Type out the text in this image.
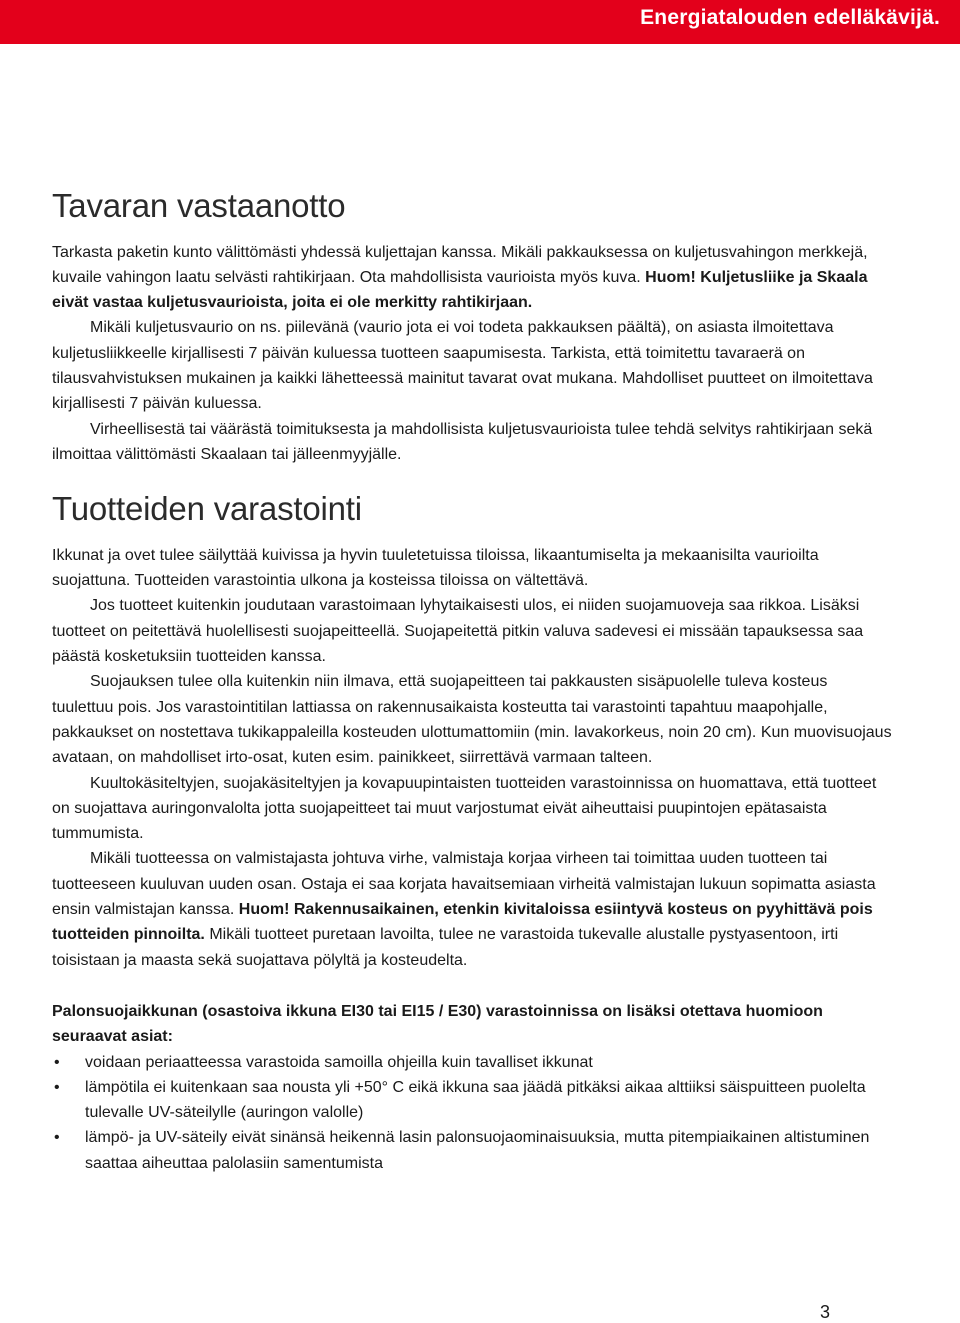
Energiatalouden edelläkävijä.
Tavaran vastaanotto

Tarkasta paketin kunto välittömästi yhdessä kuljettajan kanssa. Mikäli pakkauksessa on kuljetusvahingon merkkejä, kuvaile vahingon laatu selvästi rahtikirjaan. Ota mahdollisista vaurioista myös kuva. Huom! Kuljetusliike ja Skaala eivät vastaa kuljetusvaurioista, joita ei ole merkitty rahtikirjaan.

Mikäli kuljetusvaurio on ns. piilevänä (vaurio jota ei voi todeta pakkauksen päältä), on asiasta ilmoitettava kuljetusliikkeelle kirjallisesti 7 päivän kuluessa tuotteen saapumisesta. Tarkista, että toimitettu tavaraerä on tilausvahvistuksen mukainen ja kaikki lähetteessä mainitut tavarat ovat mukana. Mahdolliset puutteet on ilmoitettava kirjallisesti 7 päivän kuluessa.

Virheellisestä tai väärästä toimituksesta ja mahdollisista kuljetusvaurioista tulee tehdä selvitys rahtikirjaan sekä ilmoittaa välittömästi Skaalaan tai jälleenmyyjälle.

Tuotteiden varastointi

Ikkunat ja ovet tulee säilyttää kuivissa ja hyvin tuuletetuissa tiloissa, likaantumiselta ja mekaanisilta vaurioilta suojattuna. Tuotteiden varastointia ulkona ja kosteissa tiloissa on vältettävä.

Jos tuotteet kuitenkin joudutaan varastoimaan lyhytaikaisesti ulos, ei niiden suojamuoveja saa rikkoa. Lisäksi tuotteet on peitettävä huolellisesti suojapeitteellä. Suojapeitettä pitkin valuva sadevesi ei missään tapauksessa saa päästä kosketuksiin tuotteiden kanssa.

Suojauksen tulee olla kuitenkin niin ilmava, että suojapeitteen tai pakkausten sisäpuolelle tuleva kosteus tuulettuu pois. Jos varastointitilan lattiassa on rakennusaikaista kosteutta tai varastointi tapahtuu maapohjalle, pakkaukset on nostettava tukikappaleilla kosteuden ulottumattomiin (min. lavakorkeus, noin 20 cm). Kun muovisuojaus avataan, on mahdolliset irto-osat, kuten esim. painikkeet, siirrettävä varmaan talteen.

Kuultokäsiteltyjen, suojakäsiteltyjen ja kovapuupintaisten tuotteiden varastoinnissa on huomattava, että tuotteet on suojattava auringonvalolta jotta suojapeitteet tai muut varjostumat eivät aiheuttaisi puupintojen epätasaista tummumista.

Mikäli tuotteessa on valmistajasta johtuva virhe, valmistaja korjaa virheen tai toimittaa uuden tuotteen tai tuotteeseen kuuluvan uuden osan. Ostaja ei saa korjata havaitsemiaan virheitä valmistajan lukuun sopimatta asiasta ensin valmistajan kanssa. Huom! Rakennusaikainen, etenkin kivitaloissa esiintyvä kosteus on pyyhittävä pois tuotteiden pinnoilta. Mikäli tuotteet puretaan lavoilta, tulee ne varastoida tukevalle alustalle pystyasentoon, irti toisistaan ja maasta sekä suojattava pölyltä ja kosteudelta.

Palonsuojaikkunan (osastoiva ikkuna EI30 tai EI15 / E30) varastoinnissa on lisäksi otettava huomioon seuraavat asiat:

• voidaan periaatteessa varastoida samoilla ohjeilla kuin tavalliset ikkunat
• lämpötila ei kuitenkaan saa nousta yli +50° C eikä ikkuna saa jäädä pitkäksi aikaa alttiiksi säispuitteen puolelta tulevalle UV-säteilylle (auringon valolle)
• lämpö- ja UV-säteily eivät sinänsä heikennä lasin palonsuojaominaisuuksia, mutta pitempiaikainen altistuminen saattaa aiheuttaa palolasiin samentumista
3
